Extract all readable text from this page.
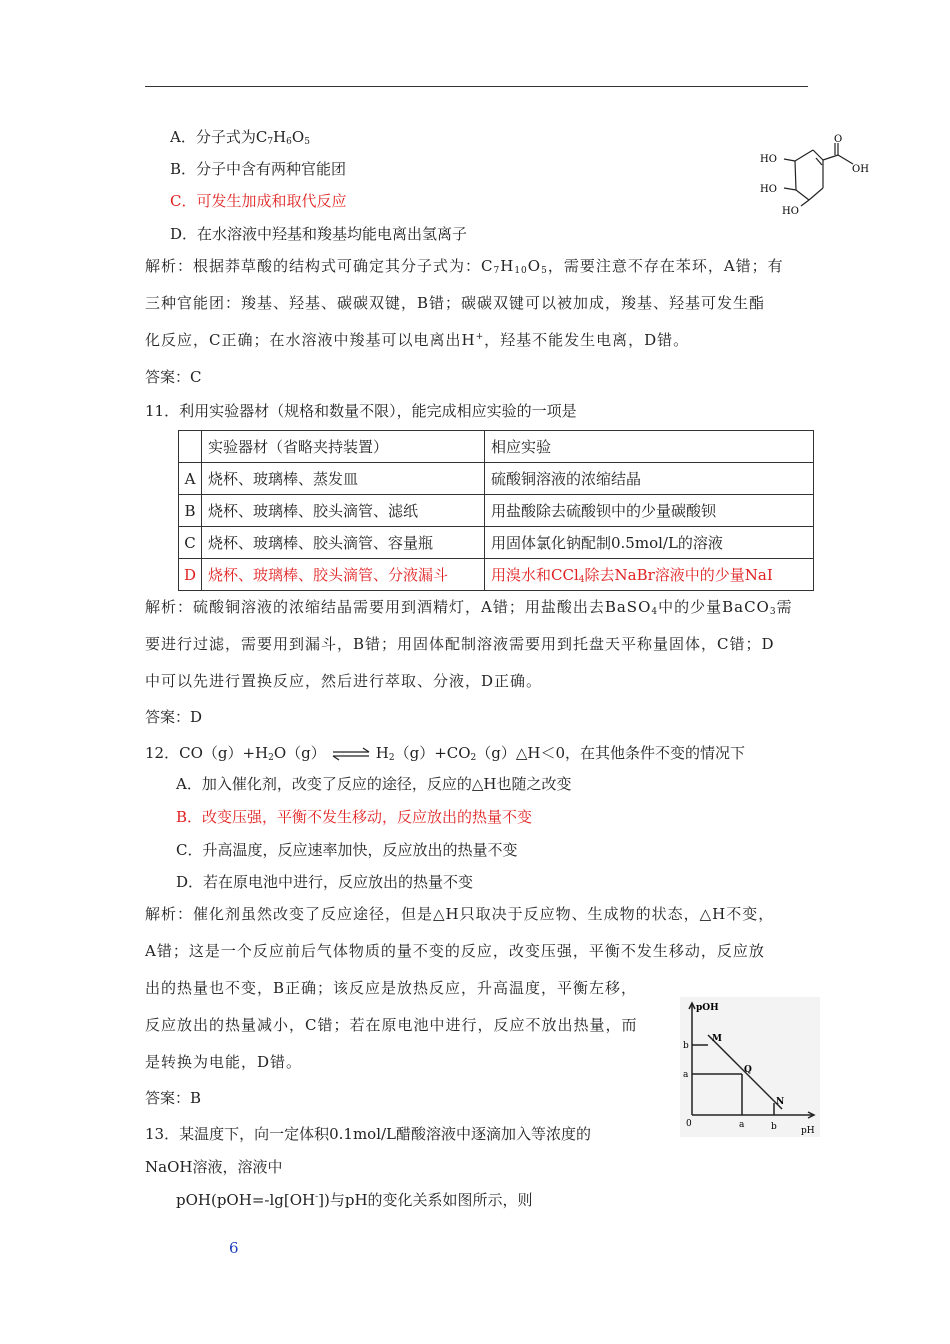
A．分子式为$C_7H_6O_5$
B．分子中含有两种官能团
C．可发生加成和取代反应
D．在水溶液中羟基和羧基均能电离出氢离子
O
OH
HO
HO
HO
解析：根据莽草酸的结构式可确定其分子式为：$C_7H_{10}O_5$，需要注意不存在苯环，A错；有
三种官能团：羧基、羟基、碳碳双键，B错；碳碳双键可以被加成，羧基、羟基可发生酯
化反应，C正确；在水溶液中羧基可以电离出H+，羟基不能发生电离，D错。
答案：C
11．利用实验器材（规格和数量不限），能完成相应实验的一项是
	实验器材（省略夹持装置）	相应实验
A	烧杯、玻璃棒、蒸发皿	硫酸铜溶液的浓缩结晶
B	烧杯、玻璃棒、胶头滴管、滤纸	用盐酸除去硫酸钡中的少量碳酸钡
C	烧杯、玻璃棒、胶头滴管、容量瓶	用固体氯化钠配制0.5mol/L的溶液
D	烧杯、玻璃棒、胶头滴管、分液漏斗	用溴水和CCl$_4$除去NaBr溶液中的少量NaI
解析：硫酸铜溶液的浓缩结晶需要用到酒精灯，A错；用盐酸出去BaSO$_4$中的少量BaCO$_3$需
要进行过滤，需要用到漏斗，B错；用固体配制溶液需要用到托盘天平称量固体，C错；D
中可以先进行置换反应，然后进行萃取、分液，D正确。
答案：D
12．$CO(g)+H_2O(g)$ ⇌ $H_2(g)+CO_2(g)\triangle H<0$，在其他条件不变的情况下
A．加入催化剂，改变了反应的途径，反应的△H也随之改变
B．改变压强，平衡不发生移动，反应放出的热量不变
C．升高温度，反应速率加快，反应放出的热量不变
D．若在原电池中进行，反应放出的热量不变
解析：催化剂虽然改变了反应途径，但是△H只取决于反应物、生成物的状态，△H不变，
A错；这是一个反应前后气体物质的量不变的反应，改变压强，平衡不发生移动，反应放
出的热量也不变，B正确；该反应是放热反应，升高温度，平衡左移，
反应放出的热量减小，C错；若在原电池中进行，反应不放出热量，而
是转换为电能，D错。
答案：B
pOH
pH
0
b
a
a	b
M
Q
N
13．某温度下，向一定体积0.1mol/L醋酸溶液中逐滴加入等浓度的
NaOH溶液，溶液中
pOH(pOH=-lg[OH-])与pH的变化关系如图所示，则
6
